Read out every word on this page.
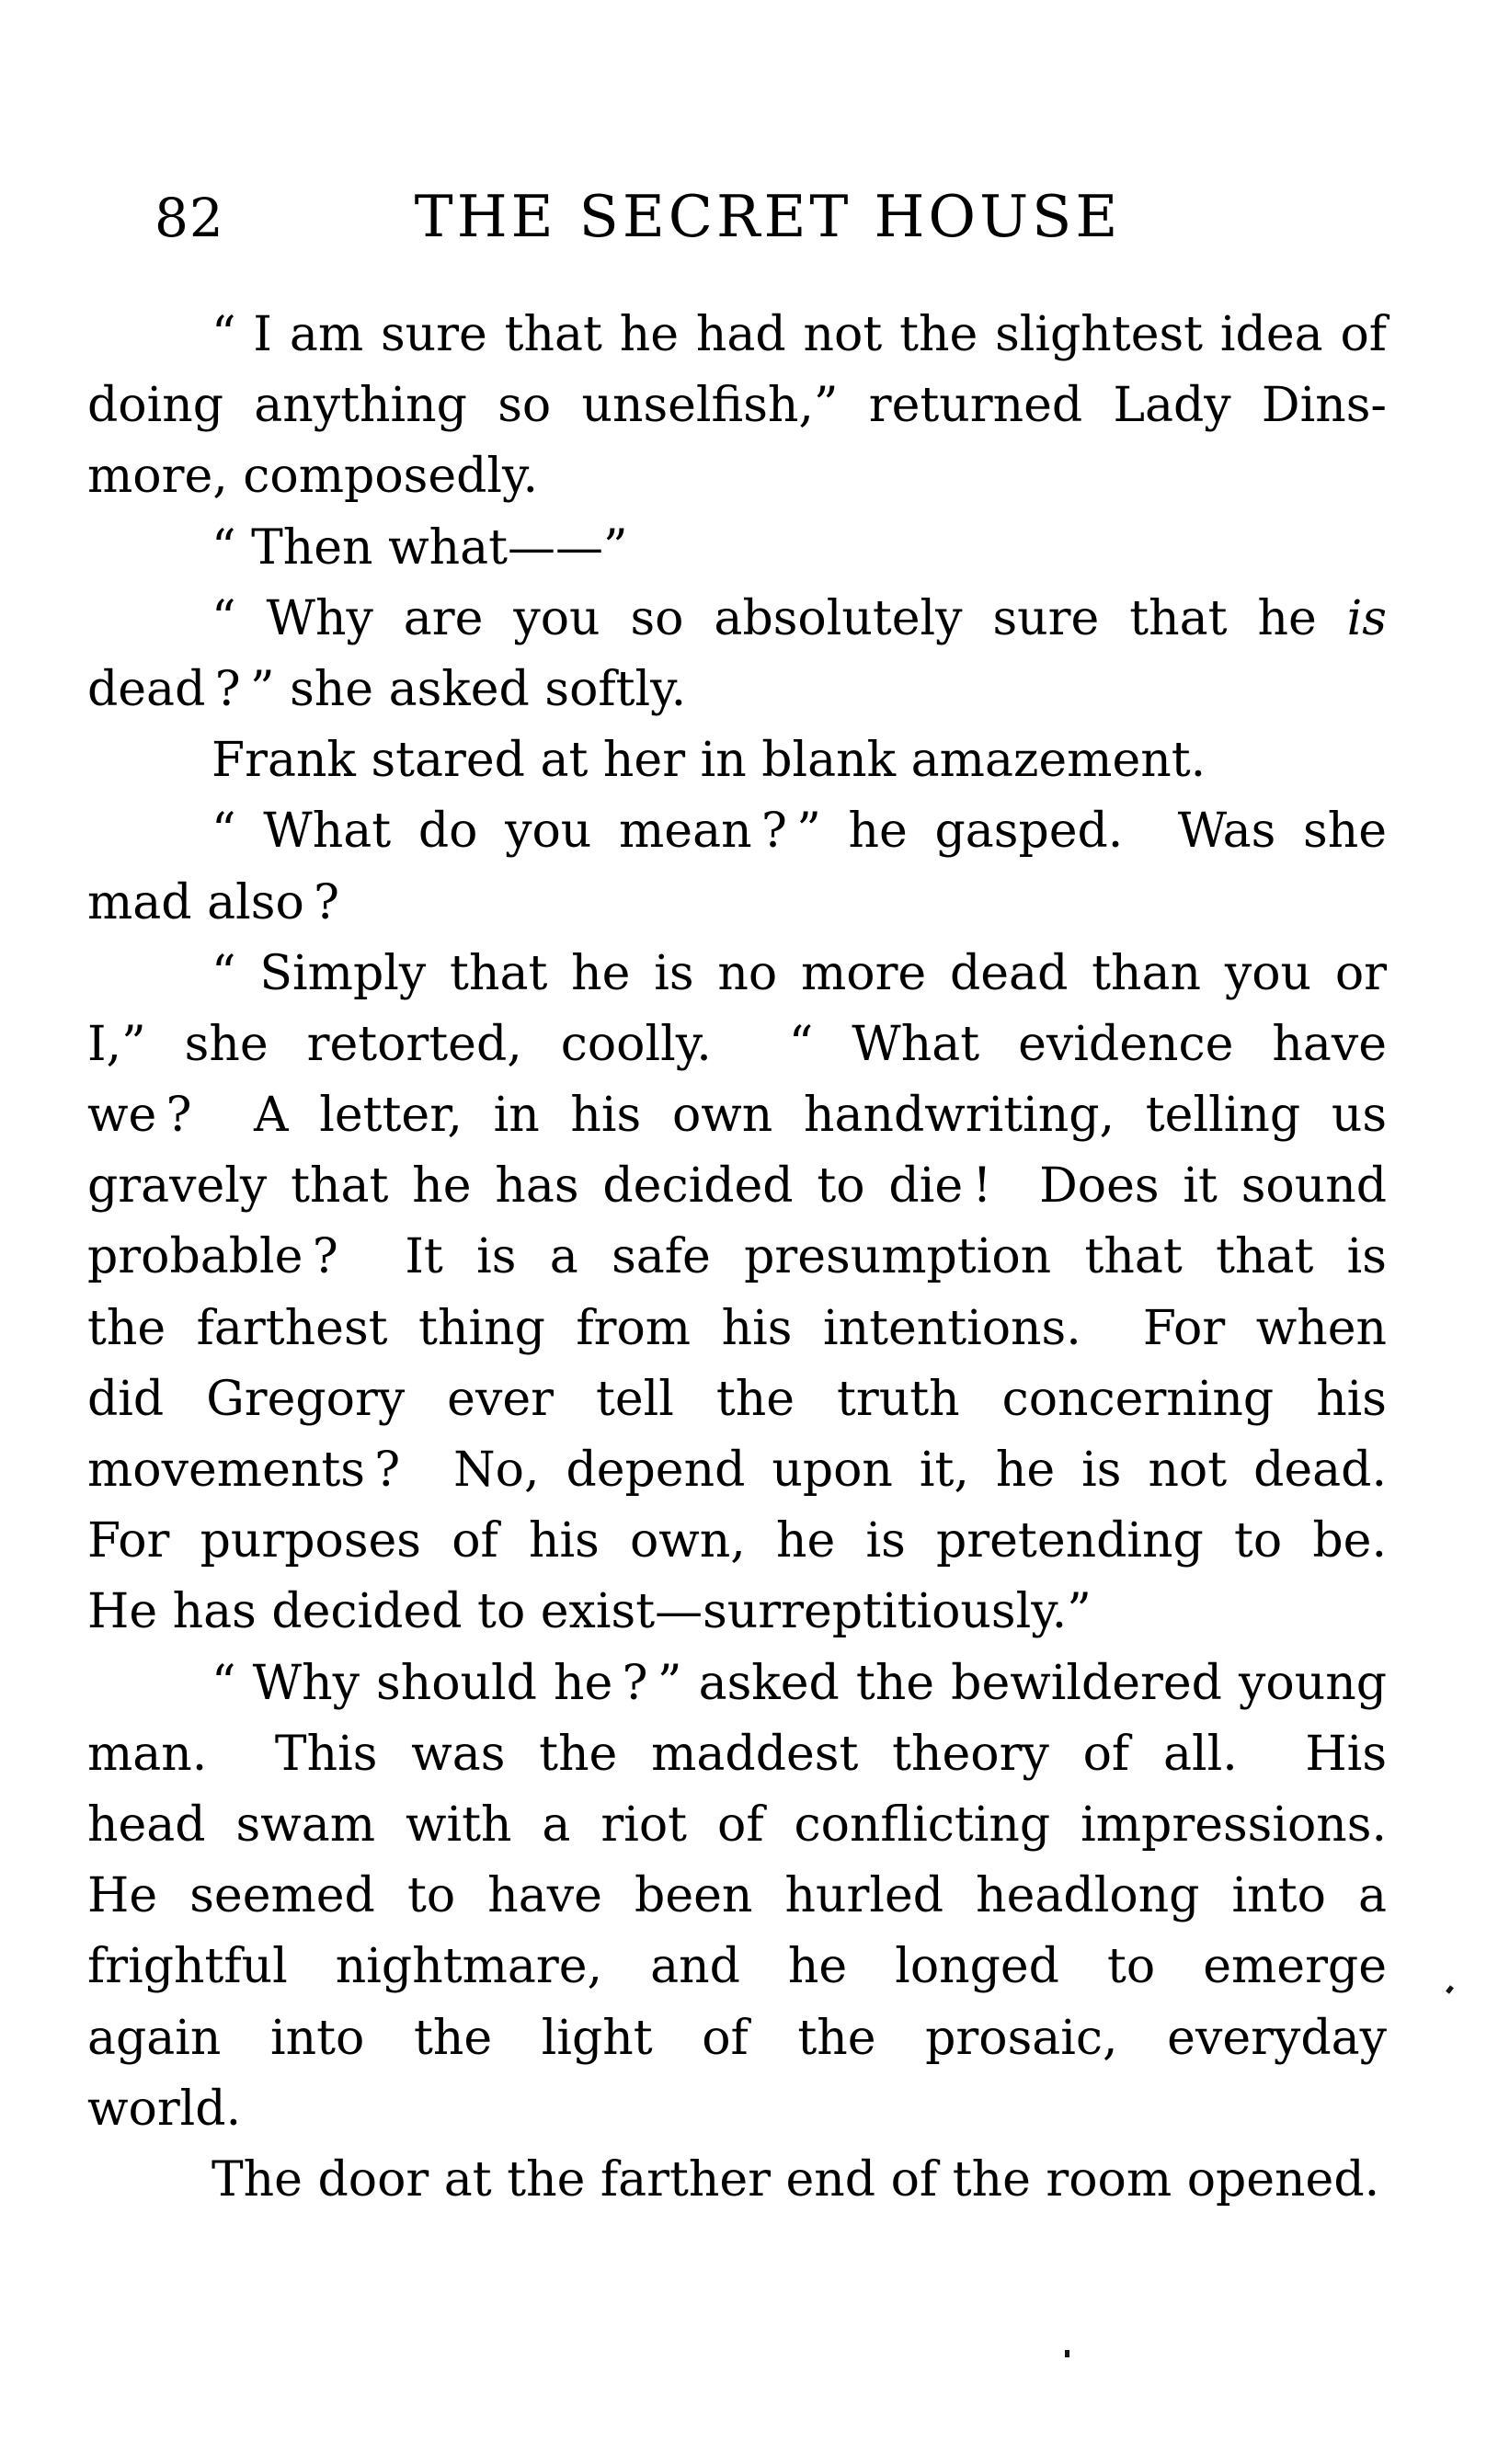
82	THE SECRET HOUSE
“ I am sure that he had not the slightest idea of
doing anything so unselfish,” returned Lady Dins-
more, composedly.
“ Then what——”
“ Why are you so absolutely sure that he is
dead ? ” she asked softly.
Frank stared at her in blank amazement.
“ What do you mean ? ” he gasped.  Was she
mad also ?
“ Simply that he is no more dead than you or
I,” she retorted, coolly.  “ What evidence have
we ?  A letter, in his own handwriting, telling us
gravely that he has decided to die !  Does it sound
probable ?  It is a safe presumption that that is
the farthest thing from his intentions.  For when
did Gregory ever tell the truth concerning his
movements ?  No, depend upon it, he is not dead.
For purposes of his own, he is pretending to be.
He has decided to exist—surreptitiously.”
“ Why should he ? ” asked the bewildered young
man.  This was the maddest theory of all.  His
head swam with a riot of conflicting impressions.
He seemed to have been hurled headlong into a
frightful nightmare, and he longed to emerge
again into the light of the prosaic, everyday
world.
The door at the farther end of the room opened.
